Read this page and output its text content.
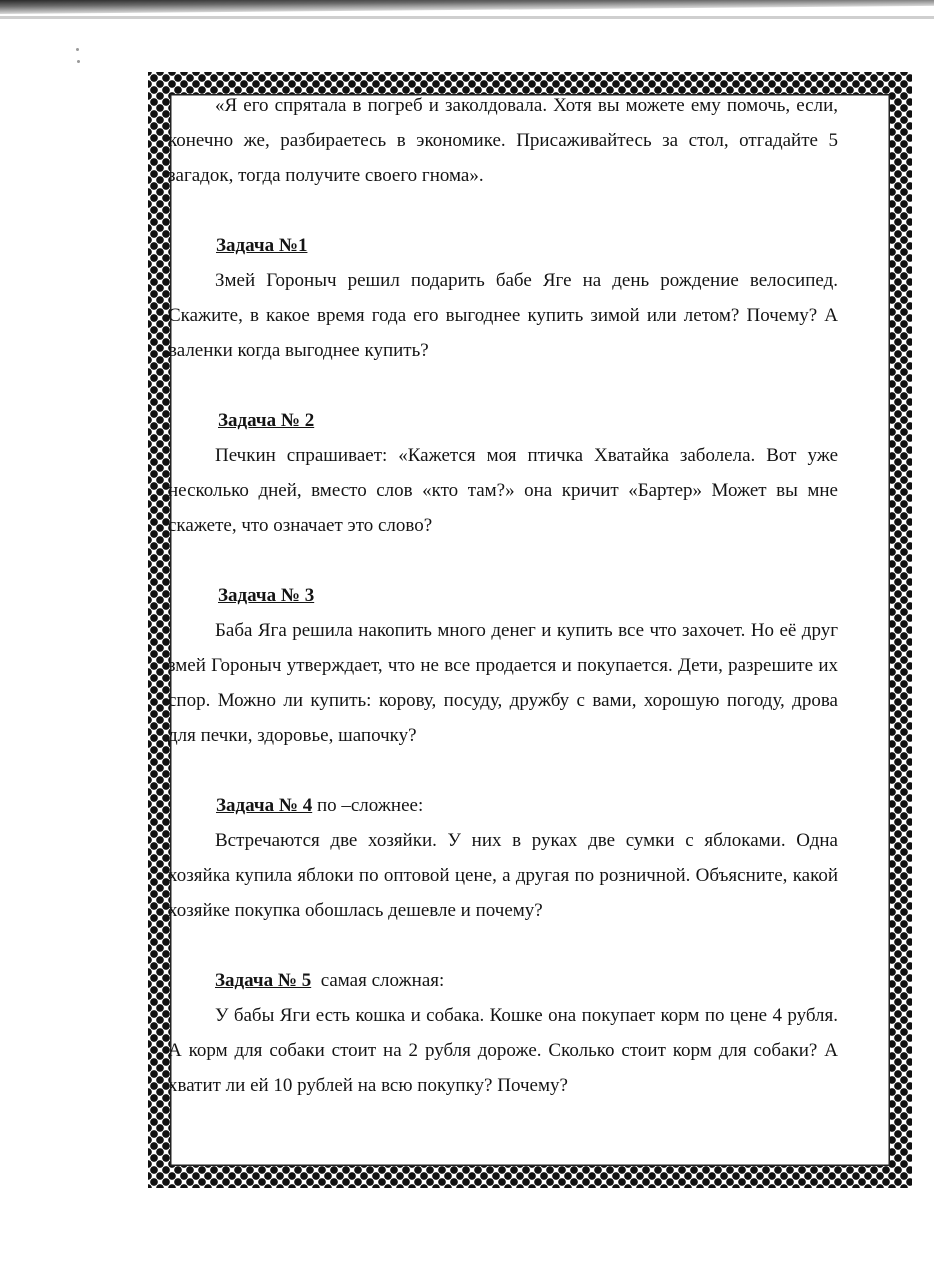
«Я его спрятала в погреб и заколдовала. Хотя вы можете ему помочь, если, конечно же, разбираетесь в экономике. Присаживайтесь за стол, отгадайте 5 загадок, тогда получите своего гнома».

Задача №1

Змей Гороныч решил подарить бабе Яге на день рождение велосипед. Скажите, в какое время года его выгоднее купить зимой или летом? Почему? А валенки когда выгоднее купить?

Задача № 2

Печкин спрашивает: «Кажется моя птичка Хватайка заболела. Вот уже несколько дней, вместо слов «кто там?» она кричит «Бартер» Может вы мне скажете, что означает это слово?

Задача № 3

Баба Яга решила накопить много денег и купить все что захочет. Но её друг змей Гороныч утверждает, что не все продается и покупается. Дети, разрешите их спор. Можно ли купить: корову, посуду, дружбу с вами, хорошую погоду, дрова для печки, здоровье, шапочку?

Задача № 4 по –сложнее:

Встречаются две хозяйки. У них в руках две сумки с яблоками. Одна хозяйка купила яблоки по оптовой цене, а другая по розничной. Объясните, какой хозяйке покупка обошлась дешевле и почему?

Задача № 5  самая сложная:

У бабы Яги есть кошка и собака. Кошке она покупает корм по цене 4 рубля. А корм для собаки стоит на 2 рубля дороже. Сколько стоит корм для собаки? А хватит ли ей 10 рублей на всю покупку? Почему?
